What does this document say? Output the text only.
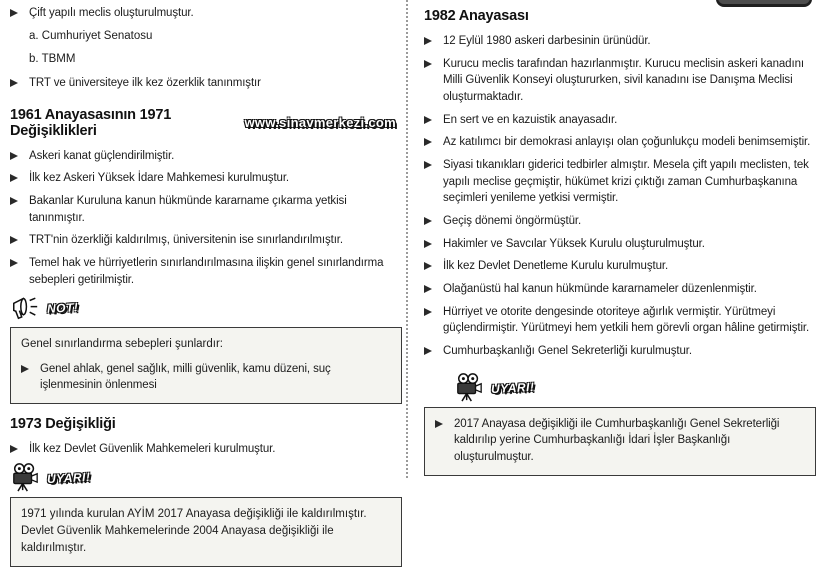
Çift yapılı meclis oluşturulmuştur.
a. Cumhuriyet Senatosu
b. TBMM
TRT ve üniversiteye ilk kez özerklik tanınmıştır
1961 Anayasasının 1971 Değişiklikleri	www.sinavmerkezi.com
Askeri kanat güçlendirilmiştir.
İlk kez Askeri Yüksek İdare Mahkemesi kurulmuştur.
Bakanlar Kuruluna kanun hükmünde kararname çıkarma yetkisi tanınmıştır.
TRT'nin özerkliği kaldırılmış, üniversitenin ise sınırlandırılmıştır.
Temel hak ve hürriyetlerin sınırlandırılmasına ilişkin genel sınırlandırma sebepleri getirilmiştir.
NOT!
Genel sınırlandırma sebepleri şunlardır:
Genel ahlak, genel sağlık, milli güvenlik, kamu düzeni, suç işlenmesinin önlenmesi
1973 Değişikliği
İlk kez Devlet Güvenlik Mahkemeleri kurulmuştur.
UYARI!
1971 yılında kurulan AYİM 2017 Anayasa değişikliği ile kaldırılmıştır. Devlet Güvenlik Mahkemelerinde 2004 Anayasa değişikliği ile kaldırılmıştır.
1982 Anayasası
12 Eylül 1980 askeri darbesinin ürünüdür.
Kurucu meclis tarafından hazırlanmıştır. Kurucu meclisin askeri kanadını Milli Güvenlik Konseyi oluştururken, sivil kanadını ise Danışma Meclisi oluşturmaktadır.
En sert ve en kazuistik anayasadır.
Az katılımcı bir demokrasi anlayışı olan çoğunlukçu modeli benimsemiştir.
Siyasi tıkanıkları giderici tedbirler almıştır. Mesela çift yapılı meclisten, tek yapılı meclise geçmiştir, hükümet krizi çıktığı zaman Cumhurbaşkanına seçimleri yenileme yetkisi vermiştir.
Geçiş dönemi öngörmüştür.
Hakimler ve Savcılar Yüksek Kurulu oluşturulmuştur.
İlk kez Devlet Denetleme Kurulu kurulmuştur.
Olağanüstü hal kanun hükmünde kararnameler düzenlenmiştir.
Hürriyet ve otorite dengesinde otoriteye ağırlık vermiştir. Yürütmeyi güçlendirmiştir. Yürütmeyi hem yetkili hem görevli organ hâline getirmiştir.
Cumhurbaşkanlığı Genel Sekreterliği kurulmuştur.
UYARI!
2017 Anayasa değişikliği ile Cumhurbaşkanlığı Genel Sekreterliği kaldırılıp yerine Cumhurbaşkanlığı İdari İşler Başkanlığı oluşturulmuştur.
